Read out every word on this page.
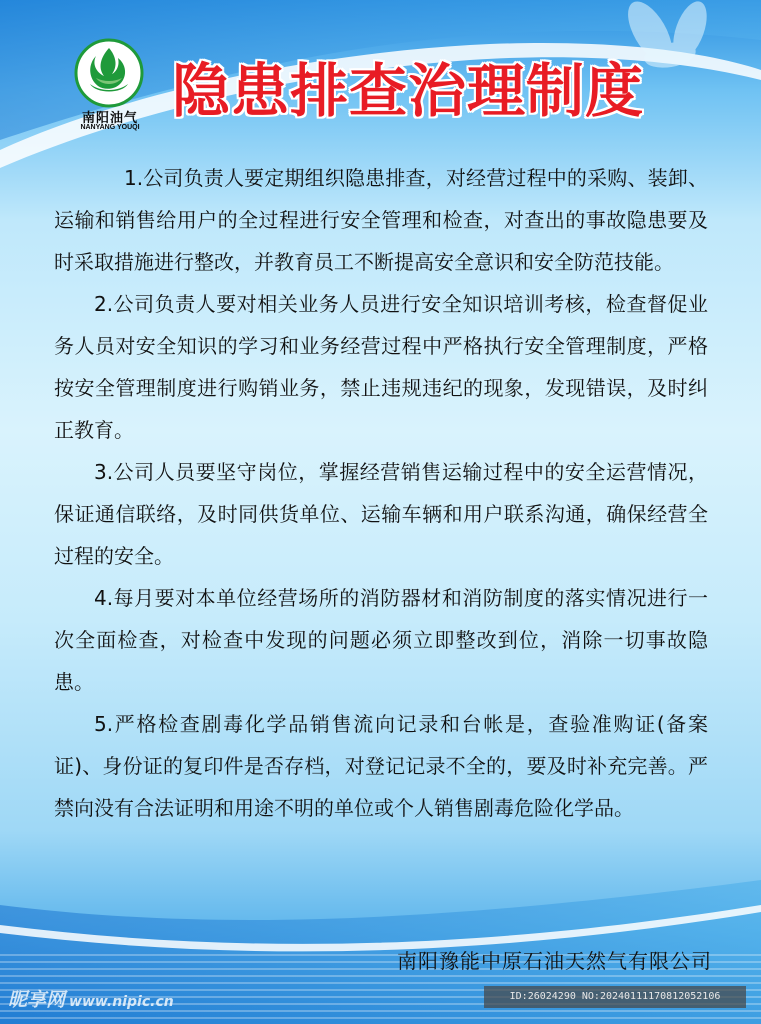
南阳油气
NANYANG YOUQI
隐患排查治理制度

1.公司负责人要定期组织隐患排查，对经营过程中的采购、装卸、运输和销售给用户的全过程进行安全管理和检查，对查出的事故隐患要及时采取措施进行整改，并教育员工不断提高安全意识和安全防范技能。

2.公司负责人要对相关业务人员进行安全知识培训考核，检查督促业务人员对安全知识的学习和业务经营过程中严格执行安全管理制度，严格按安全管理制度进行购销业务，禁止违规违纪的现象，发现错误，及时纠正教育。

3.公司人员要坚守岗位，掌握经营销售运输过程中的安全运营情况，保证通信联络，及时同供货单位、运输车辆和用户联系沟通，确保经营全过程的安全。

4.每月要对本单位经营场所的消防器材和消防制度的落实情况进行一次全面检查，对检查中发现的问题必须立即整改到位，消除一切事故隐患。

5.严格检查剧毒化学品销售流向记录和台帐是，查验准购证(备案证)、身份证的复印件是否存档，对登记记录不全的，要及时补充完善。严禁向没有合法证明和用途不明的单位或个人销售剧毒危险化学品。

南阳豫能中原石油天然气有限公司
昵享网 www.nipic.cn	ID:26024290 NO:20240111170812052106
